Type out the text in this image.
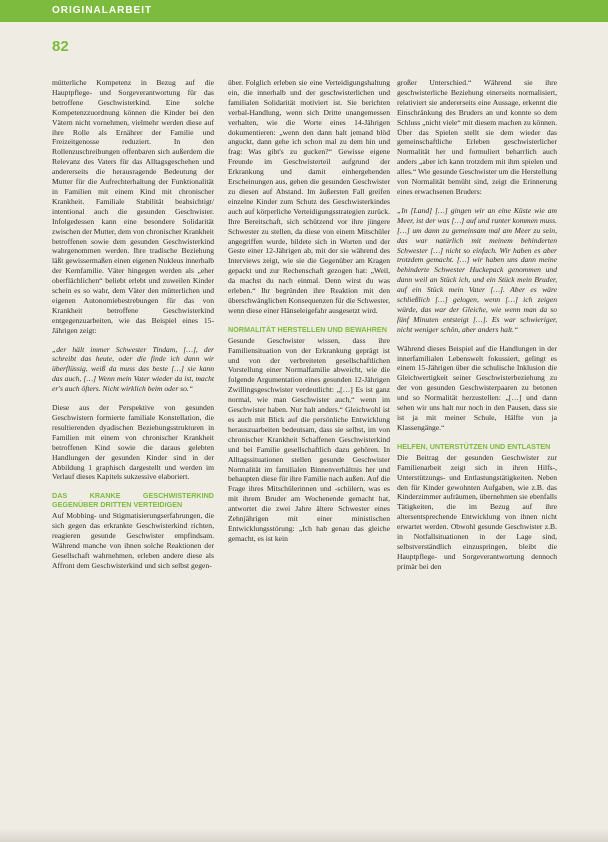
ORIGINALARBEIT
82

mütterliche Kompetenz in Bezug auf die Hauptpflege- und Sorgeverantwortung für das betroffene Geschwisterkind. Eine solche Kompetenzzuordnung können die Kinder bei den Vätern nicht vornehmen, vielmehr werden diese auf ihre Rolle als Ernährer der Familie und Freizeitgenosse reduziert. In den Rollenzuschreibungen offenbaren sich außerdem die Relevanz des Vaters für das Alltagsgeschehen und andererseits die herausragende Bedeutung der Mutter für die Aufrechterhaltung der Funktionalität in Familien mit einem Kind mit chronischer Krankheit. Familiale Stabilität beabsichtigt/ intentional auch die gesunden Geschwister. Infolgedessen kann eine besondere Solidarität zwischen der Mutter, dem von chronischer Krankheit betroffenen sowie dem gesunden Geschwisterkind wahrgenommen werden. Ihre tradische Beziehung läßt gewissermaßen einen eigenen Nukleus innerhalb der Kernfamilie. Väter hingegen werden als „eher oberflächlichen“ beliebt erlebt und zuweilen Kinder schein es so wahr, dem Väter den mütterlichen und eigenen Autonomiebestrebungen für das von Krankheit betroffene Geschwisterkind entgegenzuarbeiten, wie das Beispiel eines 15-Jährigen zeigt:

„der hält immer Schwester Tindam, […], der schreibt das heute, oder die finde ich dann wir überflüssig, weiß da muss das beste […] sie kann das auch, […] Wenn mein Vater wieder da ist, macht er's auch öfters. Nicht wirklich beim oder so.“

Diese aus der Perspektive von gesunden Geschwistern formierte familiale Konstellation, die resultierenden dyadischen Beziehungsstrukturen in Familien mit einem von chronischer Krankheit betroffenen Kind sowie die daraus gelebten Handlungen der gesunden Kinder sind in der Abbildung 1 graphisch dargestellt und werden im Verlauf dieses Kapitels sukzessive elaboriert.

DAS KRANKE GESCHWISTERKIND GEGENÜBER DRITTEN VERTEIDIGEN

Auf Mobbing- und Stigmatisierungserfahrungen, die sich gegen das erkrankte Geschwisterkind richten, reagieren gesunde Geschwister empfindsam. Während manche von ihnen solche Reaktionen der Gesellschaft wahrnehmen, erleben andere diese als Affront dem Geschwisterkind und sich selbst gegen-

über. Folglich erleben sie eine Verteidigungshaltung ein, die innerhalb und der geschwisterlichen und familialen Solidarität motiviert ist. Sie berichten verbal-Handlung, wenn sich Dritte unangemessen verhalten, wie die Worte eines 14-Jährigen dokumentieren: „wenn den dann halt jemand blöd anguckt, dann gehe ich schon mal zu dem hin und frag: Was gibt's zu gucken?“ Gewisse eigene Freunde im Geschwisterteil aufgrund der Erkrankung und damit einhergehenden Erscheinungen aus, gehen die gesunden Geschwister zu diesen auf Abstand. Im äußersten Fall greifen einzelne Kinder zum Schutz des Geschwisterkindes auch auf körperliche Verteidigungsstrategien zurück. Ihre Bereitschaft, sich schützend vor ihre jüngere Schwester zu stellen, da diese von einem Mitschüler angegriffen wurde, bildete sich in Worten und der Geste einer 12-Jährigen ab, mit der sie während des Interviews zeigt, wie sie die Gegenüber am Kragen gepackt und zur Rechenschaft gezogen hat: „Weil, da machst du nach einmal. Denn wirst du was erleben.“ Ihr begründen ihre Reaktion mit den überschwänglichen Konsequenzen für die Schwester, wenn diese einer Hänseleigefahr ausgesetzt wird.

NORMALITÄT HERSTELLEN UND BEWAHREN

Gesunde Geschwister wissen, dass ihre Familiensituation von der Erkrankung geprägt ist und von der verbreiteten gesellschaftlichen Vorstellung einer Normalfamilie abweicht, wie die folgende Argumentation eines gesunden 12-Jährigen Zwillingsgeschwister verdeutlicht: „[…] Es ist ganz normal, wie man Geschwister auch,“ wenn im Geschwister haben. Nur halt anders.“ Gleichwohl ist es auch mit Blick auf die persönliche Entwicklung herauszuarbeiten bedeutsam, dass sie selbst, im von chronischer Krankheit Schaffenen Geschwisterkind und bei Familie gesellschaftlich dazu gehören. In Alltagssituationen stellen gesunde Geschwister Normalität im familialen Binnenverhältnis her und behaupten diese für ihre Familie nach außen. Auf die Frage ihres Mitschülerinnen und -schülern, was es mit ihrem Bruder am Wochenende gemacht hat, antwortet die zwei Jahre ältere Schwester eines Zehnjährigen mit einer ministischen Entwicklungsstörung: „Ich hab genau das gleiche gemacht, es ist kein

großer Unterschied.“ Während sie ihre geschwisterliche Beziehung einerseits normalisiert, relativiert sie andererseits eine Aussage, erkennt die Einschränkung des Bruders an und konnte so dem Schluss „nicht viele“ mit diesem machen zu können. Über das Spielen stellt sie dem wieder das gemeinschaftliche Erleben geschwisterlicher Normalität her und formuliert beharrlich auch anders „aber ich kann trotzdem mit ihm spielen und alles.“ Wie gesunde Geschwister um die Herstellung von Normalität bemüht sind, zeigt die Erinnerung eines erwachsenen Bruders:

„In [Land] […] gingen wir an eine Küste wie am Meer, ist der was […] auf und runter kommen muss. […] um dann zu gemeinsam mal am Meer zu sein, das war natürlich mit meinem behinderten Schwester […] nicht so einfach. Wir haben es aber trotzdem gemacht. […] wir haben uns dann meine behinderte Schwester Huckepack genommen und dann weil an Stück ich, und ein Stück mein Bruder, auf ein Stück mein Vater […]. Aber es wäre schließlich […] gelogen, wenn […] ich zeigen würde, das war der Gleiche, wie wenn man da so fünf Minuten entsteigt […]. Es war schwieriger, nicht weniger schön, aber anders halt.“

Während dieses Beispiel auf die Handlungen in der innerfamilialen Lebenswelt fokussiert, gelingt es einem 15-Jährigen über die schulische Inklusion die Gleichwertigkeit seiner Geschwisterbeziehung zu der von gesunden Geschwisterpaaren zu betonen und so Normalität herzustellen: „[…] und dann sehen wir uns halt nur noch in den Pausen, dass sie ist ja mit meiner Schule, Hälfte von ja Klassengänge.“

HELFEN, UNTERSTÜTZEN UND ENTLASTEN

Die Beitrag der gesunden Geschwister zur Familienarbeit zeigt sich in ihren Hilfs-, Unterstützungs- und Entlastungstätigkeiten. Neben den für Kinder gewohnten Aufgaben, wie z.B. das Kinderzimmer aufräumen, übernehmen sie ebenfalls Tätigkeiten, die im Bezug auf ihre altersentsprechende Entwicklung von ihnen nicht erwartet werden. Obwohl gesunde Geschwister z.B. in Notfallsituationen in der Lage sind, selbstverständlich einzuspringen, bleibt die Hauptpflege- und Sorgeverantwortung dennoch primär bei den
